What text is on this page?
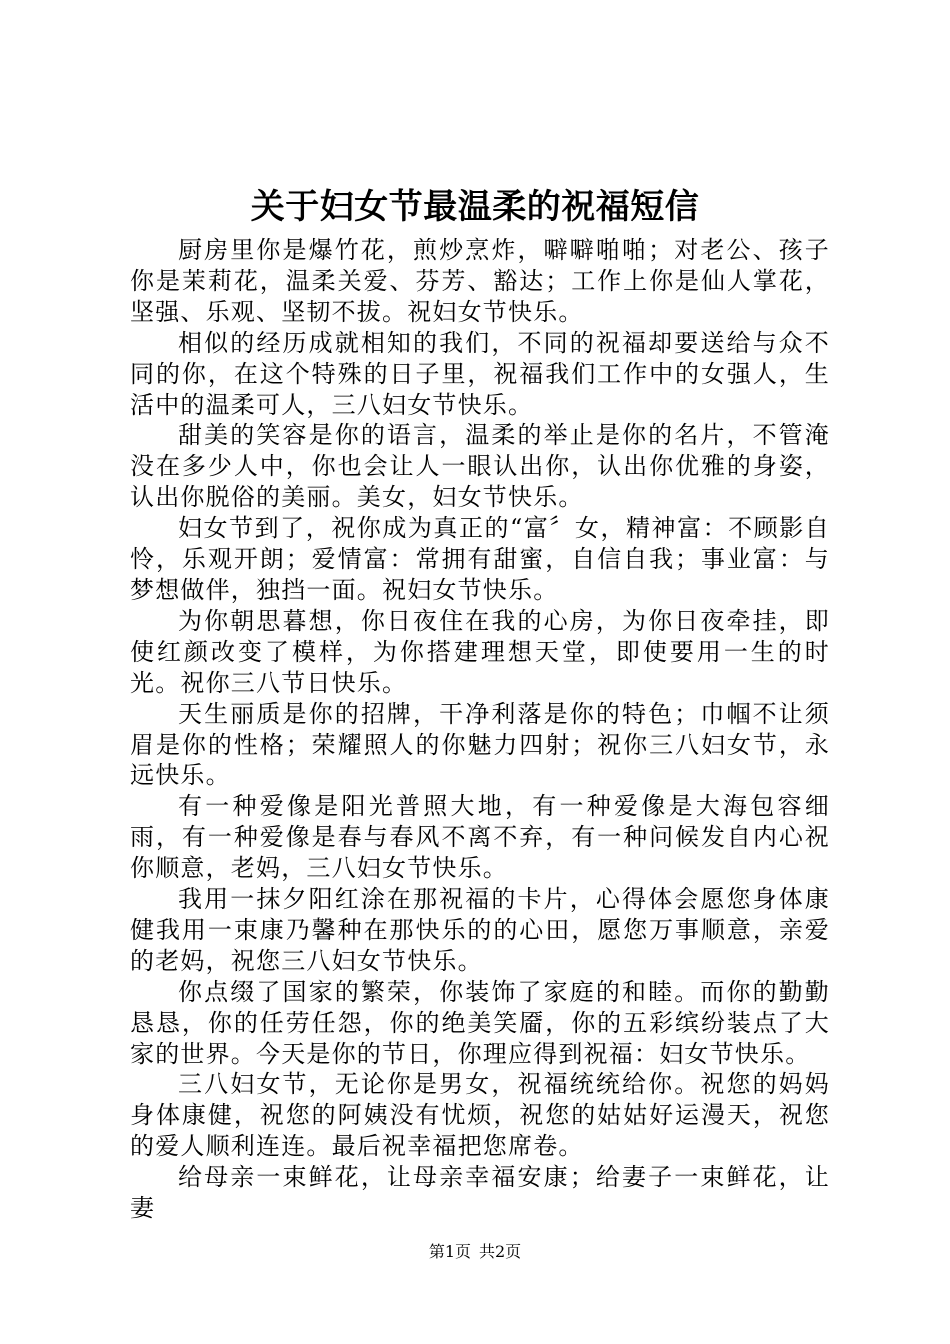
关于妇女节最温柔的祝福短信

厨房里你是爆竹花，煎炒烹炸，噼噼啪啪；对老公、孩子你是茉莉花，温柔关爱、芬芳、豁达；工作上你是仙人掌花，坚强、乐观、坚韧不拔。祝妇女节快乐。

相似的经历成就相知的我们，不同的祝福却要送给与众不同的你，在这个特殊的日子里，祝福我们工作中的女强人，生活中的温柔可人，三八妇女节快乐。

甜美的笑容是你的语言，温柔的举止是你的名片，不管淹没在多少人中，你也会让人一眼认出你，认出你优雅的身姿，认出你脱俗的美丽。美女，妇女节快乐。

妇女节到了，祝你成为真正的“富〞女，精神富：不顾影自怜，乐观开朗；爱情富：常拥有甜蜜，自信自我；事业富：与梦想做伴，独挡一面。祝妇女节快乐。

为你朝思暮想，你日夜住在我的心房，为你日夜牵挂，即使红颜改变了模样，为你搭建理想天堂，即使要用一生的时光。祝你三八节日快乐。

天生丽质是你的招牌，干净利落是你的特色；巾帼不让须眉是你的性格；荣耀照人的你魅力四射；祝你三八妇女节，永远快乐。

有一种爱像是阳光普照大地，有一种爱像是大海包容细雨，有一种爱像是春与春风不离不弃，有一种问候发自内心祝你顺意，老妈，三八妇女节快乐。

我用一抹夕阳红涂在那祝福的卡片，心得体会愿您身体康健我用一束康乃馨种在那快乐的的心田，愿您万事顺意，亲爱的老妈，祝您三八妇女节快乐。

你点缀了国家的繁荣，你装饰了家庭的和睦。而你的勤勤恳恳，你的任劳任怨，你的绝美笑靥，你的五彩缤纷装点了大家的世界。今天是你的节日，你理应得到祝福：妇女节快乐。

三八妇女节，无论你是男女，祝福统统给你。祝您的妈妈身体康健，祝您的阿姨没有忧烦，祝您的姑姑好运漫天，祝您的爱人顺利连连。最后祝幸福把您席卷。

给母亲一束鲜花，让母亲幸福安康；给妻子一束鲜花，让妻

第1页 共2页
